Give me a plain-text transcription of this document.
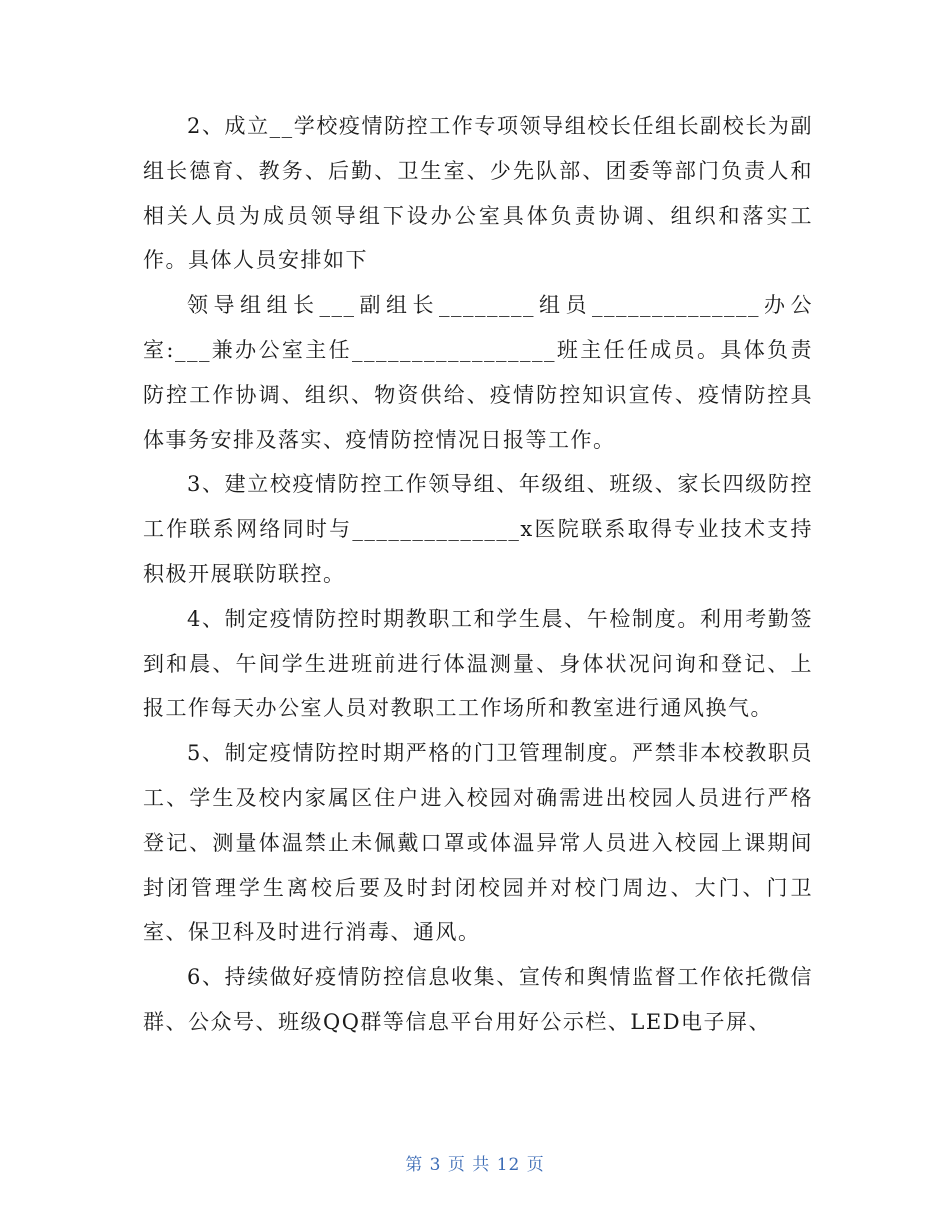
2、成立__学校疫情防控工作专项领导组校长任组长副校长为副组长德育、教务、后勤、卫生室、少先队部、团委等部门负责人和相关人员为成员领导组下设办公室具体负责协调、组织和落实工作。具体人员安排如下

领导组组长___副组长________组员______________办公室:___兼办公室主任_________________班主任任成员。具体负责防控工作协调、组织、物资供给、疫情防控知识宣传、疫情防控具体事务安排及落实、疫情防控情况日报等工作。

3、建立校疫情防控工作领导组、年级组、班级、家长四级防控工作联系网络同时与______________x医院联系取得专业技术支持积极开展联防联控。

4、制定疫情防控时期教职工和学生晨、午检制度。利用考勤签到和晨、午间学生进班前进行体温测量、身体状况问询和登记、上报工作每天办公室人员对教职工工作场所和教室进行通风换气。

5、制定疫情防控时期严格的门卫管理制度。严禁非本校教职员工、学生及校内家属区住户进入校园对确需进出校园人员进行严格登记、测量体温禁止未佩戴口罩或体温异常人员进入校园上课期间封闭管理学生离校后要及时封闭校园并对校门周边、大门、门卫室、保卫科及时进行消毒、通风。

6、持续做好疫情防控信息收集、宣传和舆情监督工作依托微信群、公众号、班级QQ群等信息平台用好公示栏、LED电子屏、

第 3 页 共 12 页
